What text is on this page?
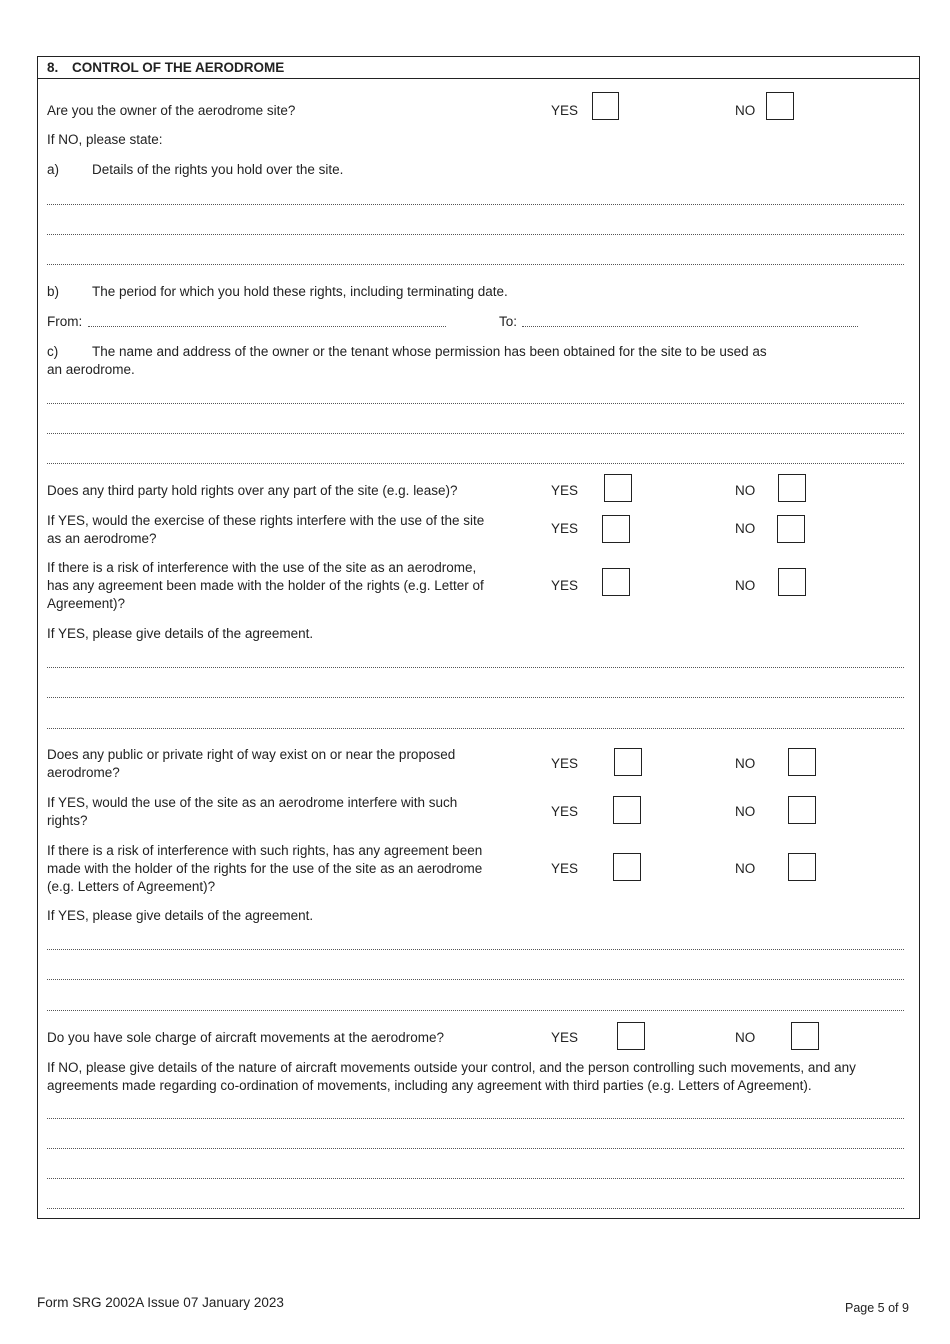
8. CONTROL OF THE AERODROME
Are you the owner of the aerodrome site?	YES	NO
If NO, please state:
a) Details of the rights you hold over the site.
b) The period for which you hold these rights, including terminating date.
From:	To:
c)	The name and address of the owner or the tenant whose permission has been obtained for the site to be used as
an aerodrome.
Does any third party hold rights over any part of the site (e.g. lease)?	YES	NO
If YES, would the exercise of these rights interfere with the use of the site as an aerodrome?
YES	NO
If there is a risk of interference with the use of the site as an aerodrome, has any agreement been made with the holder of the rights (e.g. Letter of Agreement)?
YES	NO
If YES, please give details of the agreement.
Does any public or private right of way exist on or near the proposed aerodrome?
YES	NO
If YES, would the use of the site as an aerodrome interfere with such rights?
YES	NO
If there is a risk of interference with such rights, has any agreement been made with the holder of the rights for the use of the site as an aerodrome (e.g. Letters of Agreement)?
YES	NO
If YES, please give details of the agreement.
Do you have sole charge of aircraft movements at the aerodrome?	YES	NO
If NO, please give details of the nature of aircraft movements outside your control, and the person controlling such movements, and any agreements made regarding co-ordination of movements, including any agreement with third parties (e.g. Letters of Agreement).
Form SRG 2002A Issue 07 January 2023	Page 5 of 9
